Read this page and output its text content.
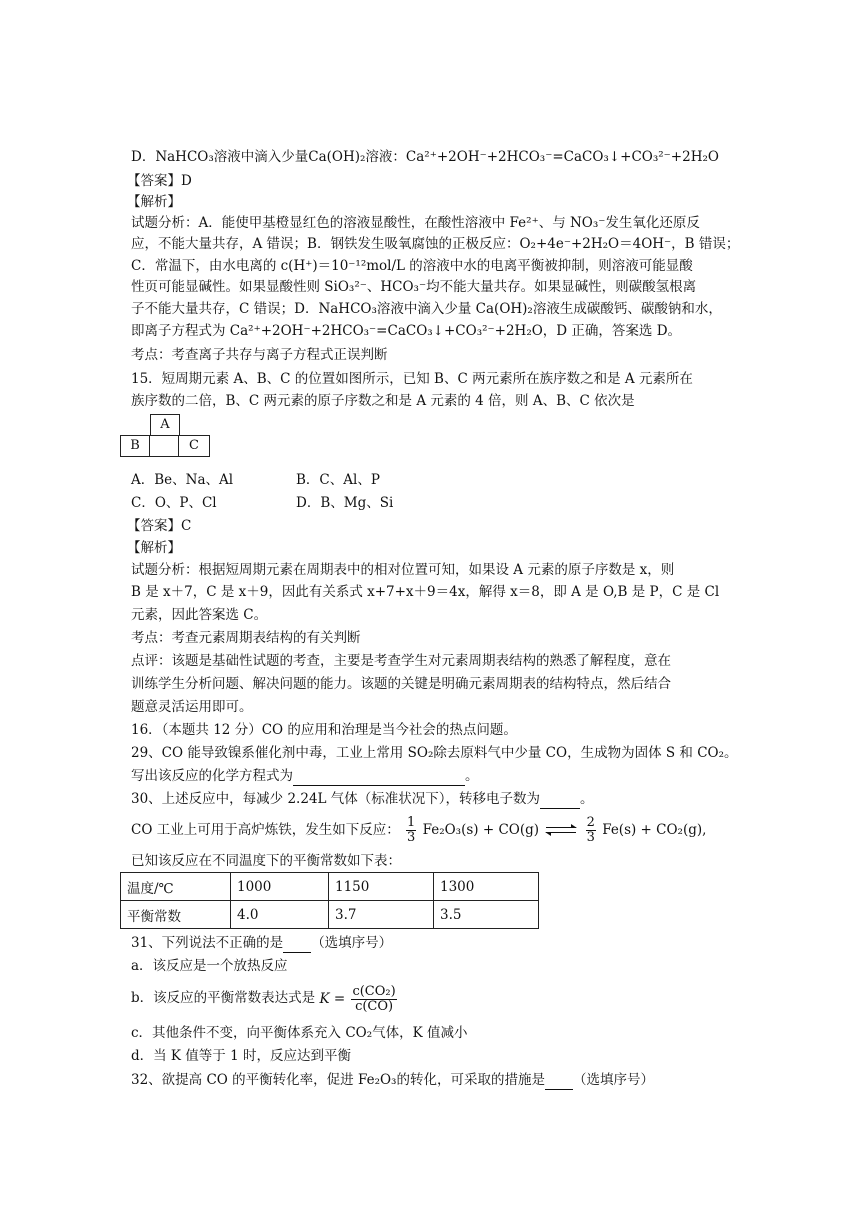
D．NaHCO₃溶液中滴入少量Ca(OH)₂溶液：Ca²⁺+2OH⁻+2HCO₃⁻=CaCO₃↓+CO₃²⁻+2H₂O
【答案】D
【解析】
试题分析：A．能使甲基橙显红色的溶液显酸性，在酸性溶液中 Fe²⁺、与 NO₃⁻发生氧化还原反
应，不能大量共存，A 错误；B．钢铁发生吸氧腐蚀的正极反应：O₂+4e⁻+2H₂O＝4OH⁻，B 错误；
C．常温下，由水电离的 c(H⁺)＝10⁻¹²mol/L 的溶液中水的电离平衡被抑制，则溶液可能显酸
性页可能显碱性。如果显酸性则 SiO₃²⁻、HCO₃⁻均不能大量共存。如果显碱性，则碳酸氢根离
子不能大量共存，C 错误；D．NaHCO₃溶液中滴入少量 Ca(OH)₂溶液生成碳酸钙、碳酸钠和水，
即离子方程式为 Ca²⁺+2OH⁻+2HCO₃⁻=CaCO₃↓+CO₃²⁻+2H₂O，D 正确，答案选 D。
考点：考查离子共存与离子方程式正误判断
15．短周期元素 A、B、C 的位置如图所示，已知 B、C 两元素所在族序数之和是 A 元素所在
族序数的二倍，B、C 两元素的原子序数之和是 A 元素的 4 倍，则 A、B、C 依次是
A
B	C
A．Be、Na、Al	B．C、Al、P
C．O、P、Cl	D．B、Mg、Si
【答案】C
【解析】
试题分析：根据短周期元素在周期表中的相对位置可知，如果设 A 元素的原子序数是 x，则
B 是 x＋7，C 是 x＋9，因此有关系式 x+7+x＋9＝4x，解得 x＝8，即 A 是 O,B 是 P，C 是 Cl
元素，因此答案选 C。
考点：考查元素周期表结构的有关判断
点评：该题是基础性试题的考查，主要是考查学生对元素周期表结构的熟悉了解程度，意在
训练学生分析问题、解决问题的能力。该题的关键是明确元素周期表的结构特点，然后结合
题意灵活运用即可。
16．（本题共 12 分）CO 的应用和治理是当今社会的热点问题。
29、CO 能导致镍系催化剂中毒，工业上常用 SO₂除去原料气中少量 CO，生成物为固体 S 和 CO₂。
写出该反应的化学方程式为	。
30、上述反应中，每减少 2.24L 气体（标准状况下），转移电子数为	。
CO 工业上可用于高炉炼铁，发生如下反应： $\frac{1}{3} Fe_2O_3(s) + CO(g)$ ⇌ $\frac{2}{3} Fe(s) + CO_2(g)$,
已知该反应在不同温度下的平衡常数如下表：
温度/℃	1000	1150	1300
平衡常数	4.0	3.7	3.5
31、下列说法不正确的是 （选填序号）
a．该反应是一个放热反应
b．该反应的平衡常数表达式是 $K = \frac{\text{c(CO₂)}}{c(CO)}$
c．其他条件不变，向平衡体系充入 CO₂气体，K 值减小
d．当 K 值等于 1 时，反应达到平衡
32、欲提高 CO 的平衡转化率，促进 Fe₂O₃的转化，可采取的措施是 （选填序号）
